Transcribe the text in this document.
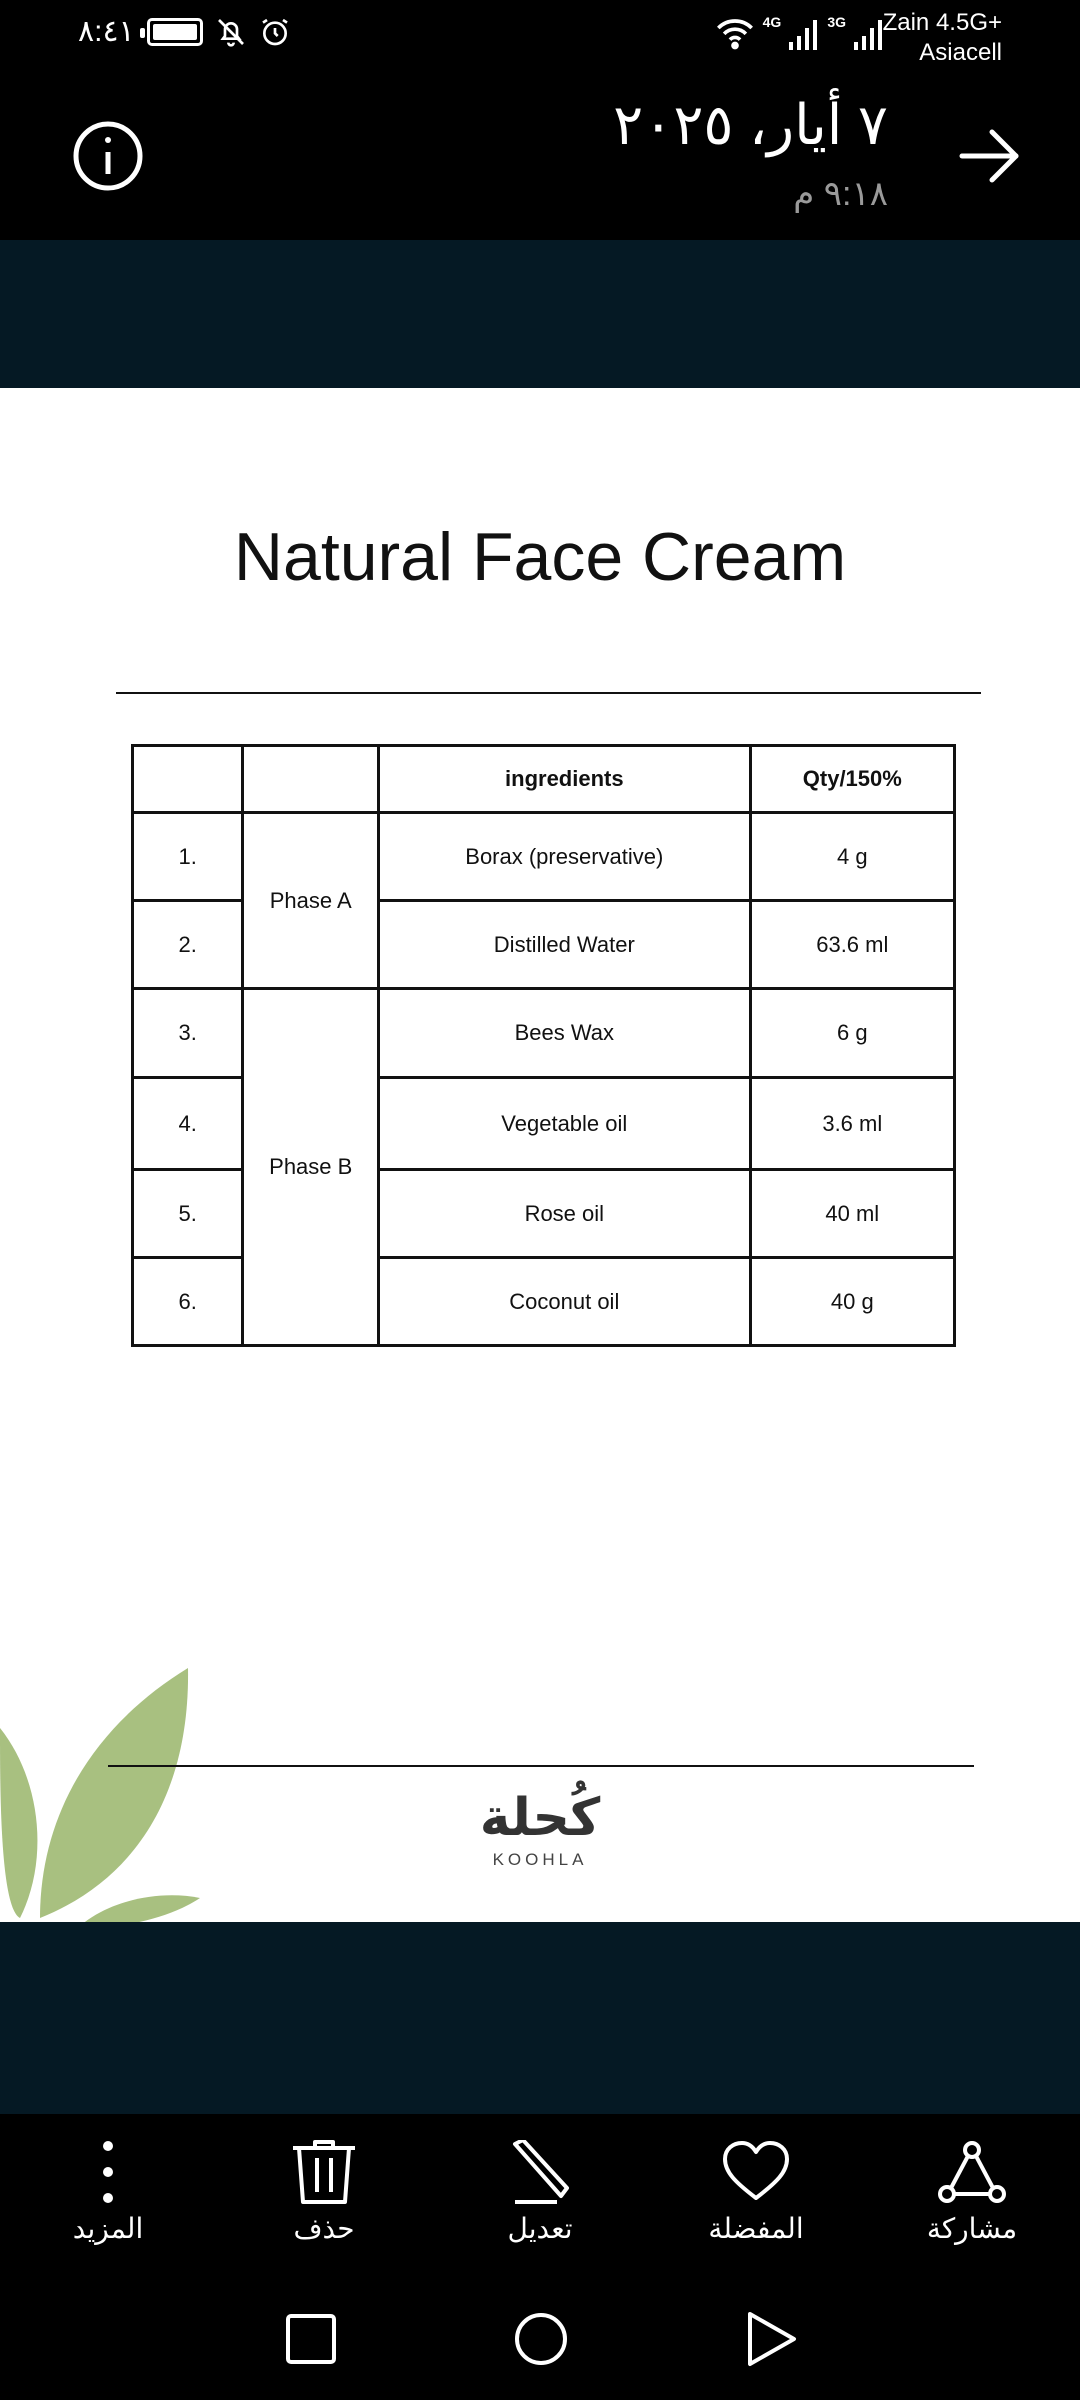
٨:٤١	4G	3G Zain 4.5G+
Asiacell
٧ أيار، ٢٠٢٥
٩:١٨ م
Natural Face Cream
		ingredients	Qty/150%
1.	Phase A	Borax (preservative)	4 g
2.		Distilled Water	63.6 ml
3.	Phase B	Bees Wax	6 g
4.		Vegetable oil	3.6 ml
5.		Rose oil	40 ml
6.		Coconut oil	40 g
كُحلة
KOOHLA
مشاركة
المفضلة
تعديل
حذف
المزيد
